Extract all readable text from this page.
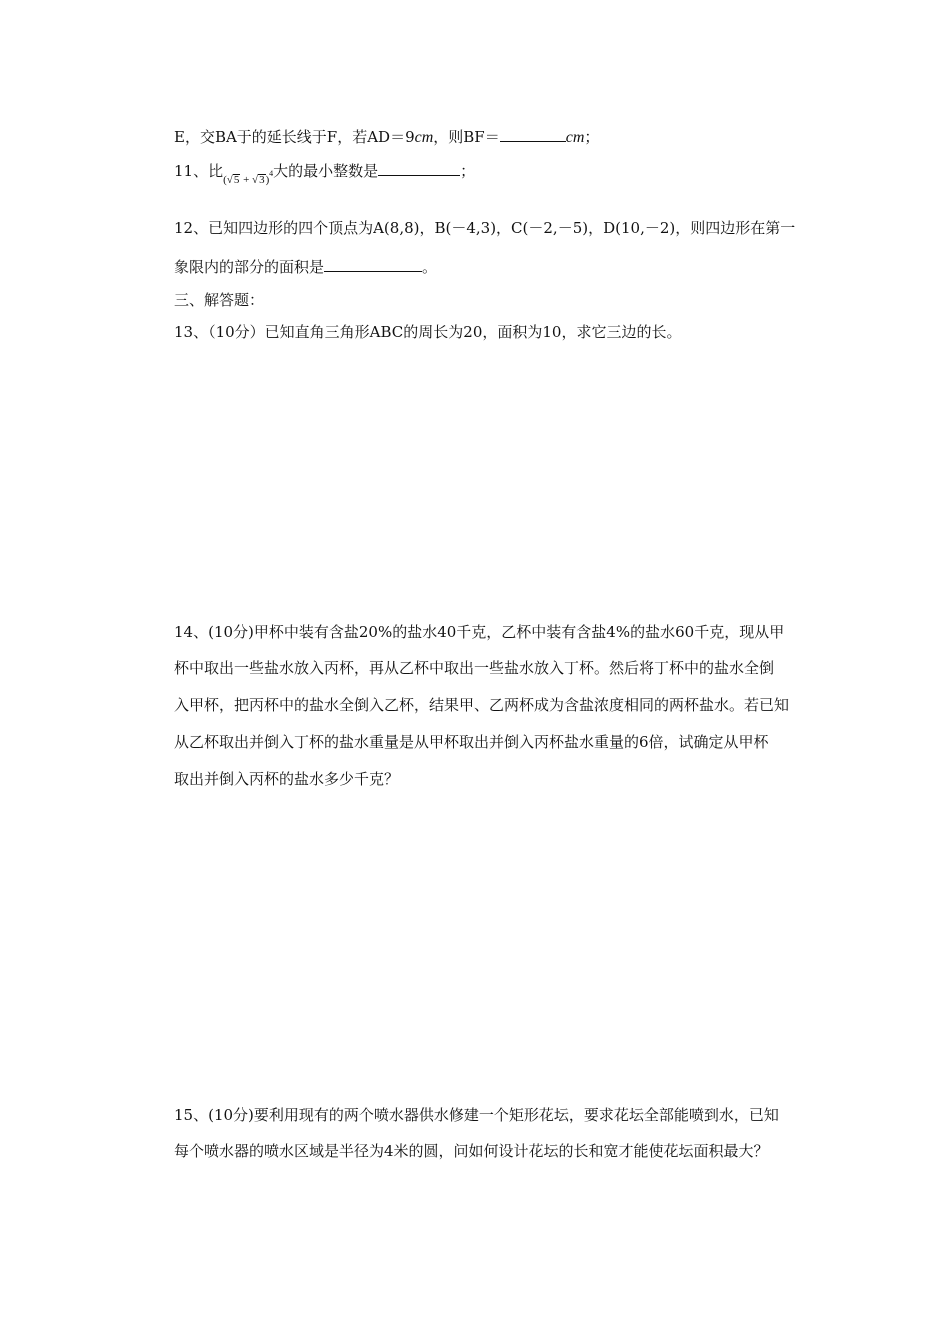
E，交BA于的延长线于F，若AD＝9cm，则BF＝	cm；
11、比 (√5 + √3)
4 大的最小整数是	；
12、已知四边形的四个顶点为A(8,8)，B(－4,3)，C(－2,－5)，D(10,－2)，则四边形在第一
象限内的部分的面积是	。
三、解答题：
13、（10分）已知直角三角形ABC的周长为20，面积为10，求它三边的长。
14、(10分)甲杯中装有含盐20%的盐水40千克，乙杯中装有含盐4%的盐水60千克，现从甲
杯中取出一些盐水放入丙杯，再从乙杯中取出一些盐水放入丁杯。然后将丁杯中的盐水全倒
入甲杯，把丙杯中的盐水全倒入乙杯，结果甲、乙两杯成为含盐浓度相同的两杯盐水。若已知
从乙杯取出并倒入丁杯的盐水重量是从甲杯取出并倒入丙杯盐水重量的6倍，试确定从甲杯
取出并倒入丙杯的盐水多少千克？
15、(10分)要利用现有的两个喷水器供水修建一个矩形花坛，要求花坛全部能喷到水，已知
每个喷水器的喷水区域是半径为4米的圆，问如何设计花坛的长和宽才能使花坛面积最大？
